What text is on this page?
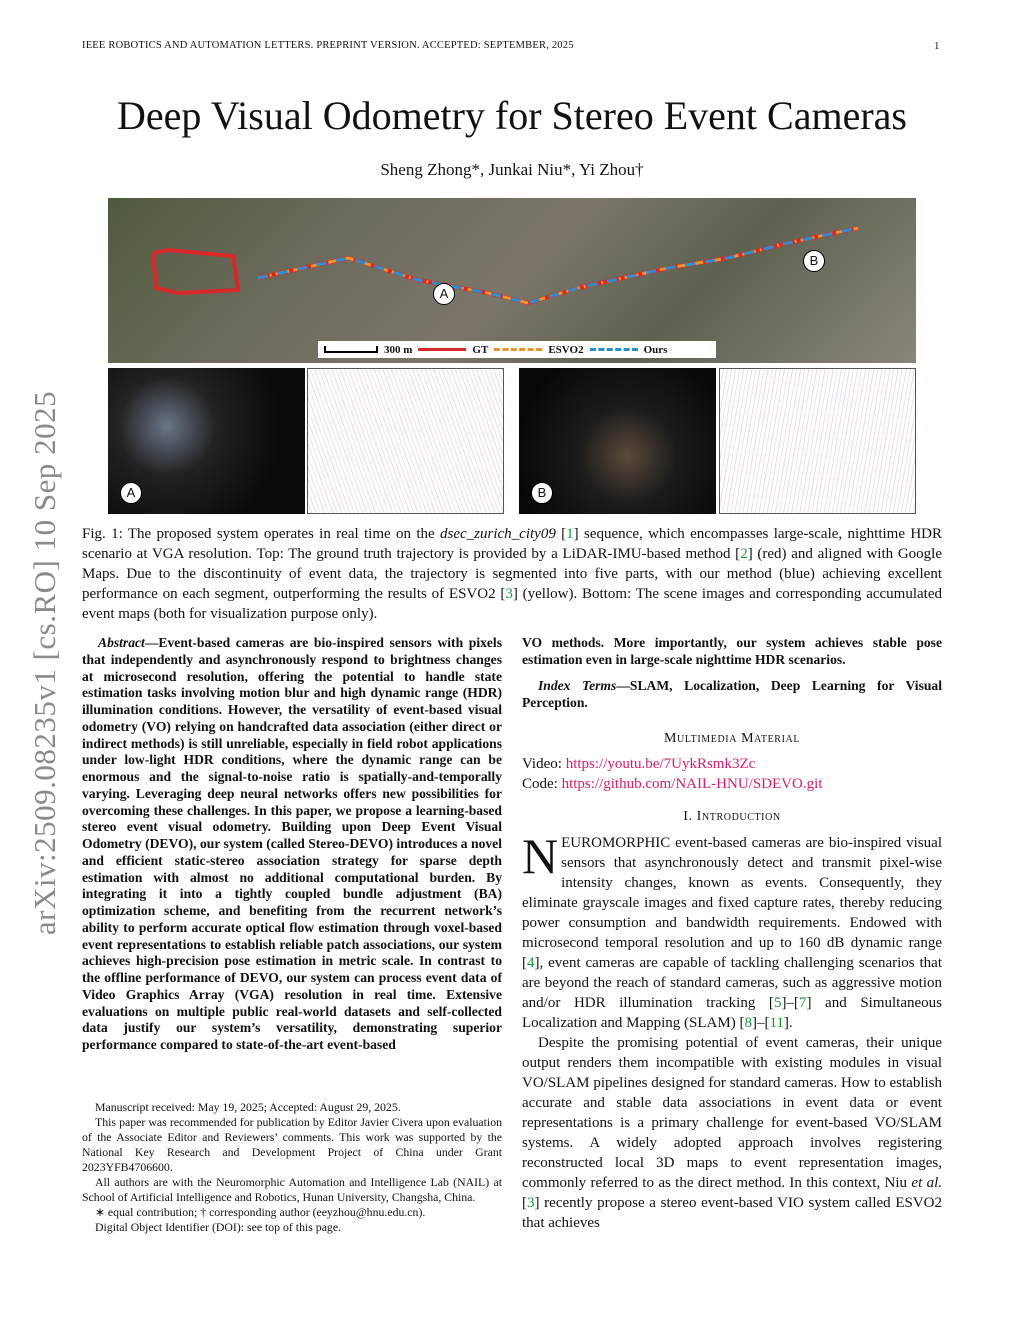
IEEE ROBOTICS AND AUTOMATION LETTERS. PREPRINT VERSION. ACCEPTED: SEPTEMBER, 2025	1
Deep Visual Odometry for Stereo Event Cameras
Sheng Zhong*, Junkai Niu*, Yi Zhou†
arXiv:2509.08235v1 [cs.RO] 10 Sep 2025
A
B
300 m	GT	ESVO2	Ours
A	B
Fig. 1: The proposed system operates in real time on the dsec_zurich_city09 [1] sequence, which encompasses large-scale, nighttime HDR scenario at VGA resolution. Top: The ground truth trajectory is provided by a LiDAR-IMU-based method [2] (red) and aligned with Google Maps. Due to the discontinuity of event data, the trajectory is segmented into five parts, with our method (blue) achieving excellent performance on each segment, outperforming the results of ESVO2 [3] (yellow). Bottom: The scene images and corresponding accumulated event maps (both for visualization purpose only).
Abstract—Event-based cameras are bio-inspired sensors with pixels that independently and asynchronously respond to brightness changes at microsecond resolution, offering the potential to handle state estimation tasks involving motion blur and high dynamic range (HDR) illumination conditions. However, the versatility of event-based visual odometry (VO) relying on handcrafted data association (either direct or indirect methods) is still unreliable, especially in field robot applications under low-light HDR conditions, where the dynamic range can be enormous and the signal-to-noise ratio is spatially-and-temporally varying. Leveraging deep neural networks offers new possibilities for overcoming these challenges. In this paper, we propose a learning-based stereo event visual odometry. Building upon Deep Event Visual Odometry (DEVO), our system (called Stereo-DEVO) introduces a novel and efficient static-stereo association strategy for sparse depth estimation with almost no additional computational burden. By integrating it into a tightly coupled bundle adjustment (BA) optimization scheme, and benefiting from the recurrent network’s ability to perform accurate optical flow estimation through voxel-based event representations to establish reliable patch associations, our system achieves high-precision pose estimation in metric scale. In contrast to the offline performance of DEVO, our system can process event data of Video Graphics Array (VGA) resolution in real time. Extensive evaluations on multiple public real-world datasets and self-collected data justify our system’s versatility, demonstrating superior performance compared to state-of-the-art event-based
VO methods. More importantly, our system achieves stable pose estimation even in large-scale nighttime HDR scenarios.
Index Terms—SLAM, Localization, Deep Learning for Visual Perception.
Multimedia Material
Video: https://youtu.be/7UykRsmk3Zc
Code: https://github.com/NAIL-HNU/SDEVO.git
I. Introduction

NEUROMORPHIC event-based cameras are bio-inspired visual sensors that asynchronously detect and transmit pixel-wise intensity changes, known as events. Consequently, they eliminate grayscale images and fixed capture rates, thereby reducing power consumption and bandwidth requirements. Endowed with microsecond temporal resolution and up to 160 dB dynamic range [4], event cameras are capable of tackling challenging scenarios that are beyond the reach of standard cameras, such as aggressive motion and/or HDR illumination tracking [5]–[7] and Simultaneous Localization and Mapping (SLAM) [8]–[11].

Despite the promising potential of event cameras, their unique output renders them incompatible with existing modules in visual VO/SLAM pipelines designed for standard cameras. How to establish accurate and stable data associations in event data or event representations is a primary challenge for event-based VO/SLAM systems. A widely adopted approach involves registering reconstructed local 3D maps to event representation images, commonly referred to as the direct method. In this context, Niu et al. [3] recently propose a stereo event-based VIO system called ESVO2 that achieves

Manuscript received: May 19, 2025; Accepted: August 29, 2025.

This paper was recommended for publication by Editor Javier Civera upon evaluation of the Associate Editor and Reviewers’ comments. This work was supported by the National Key Research and Development Project of China under Grant 2023YFB4706600.

All authors are with the Neuromorphic Automation and Intelligence Lab (NAIL) at School of Artificial Intelligence and Robotics, Hunan University, Changsha, China.

∗ equal contribution; † corresponding author (eeyzhou@hnu.edu.cn).

Digital Object Identifier (DOI): see top of this page.
